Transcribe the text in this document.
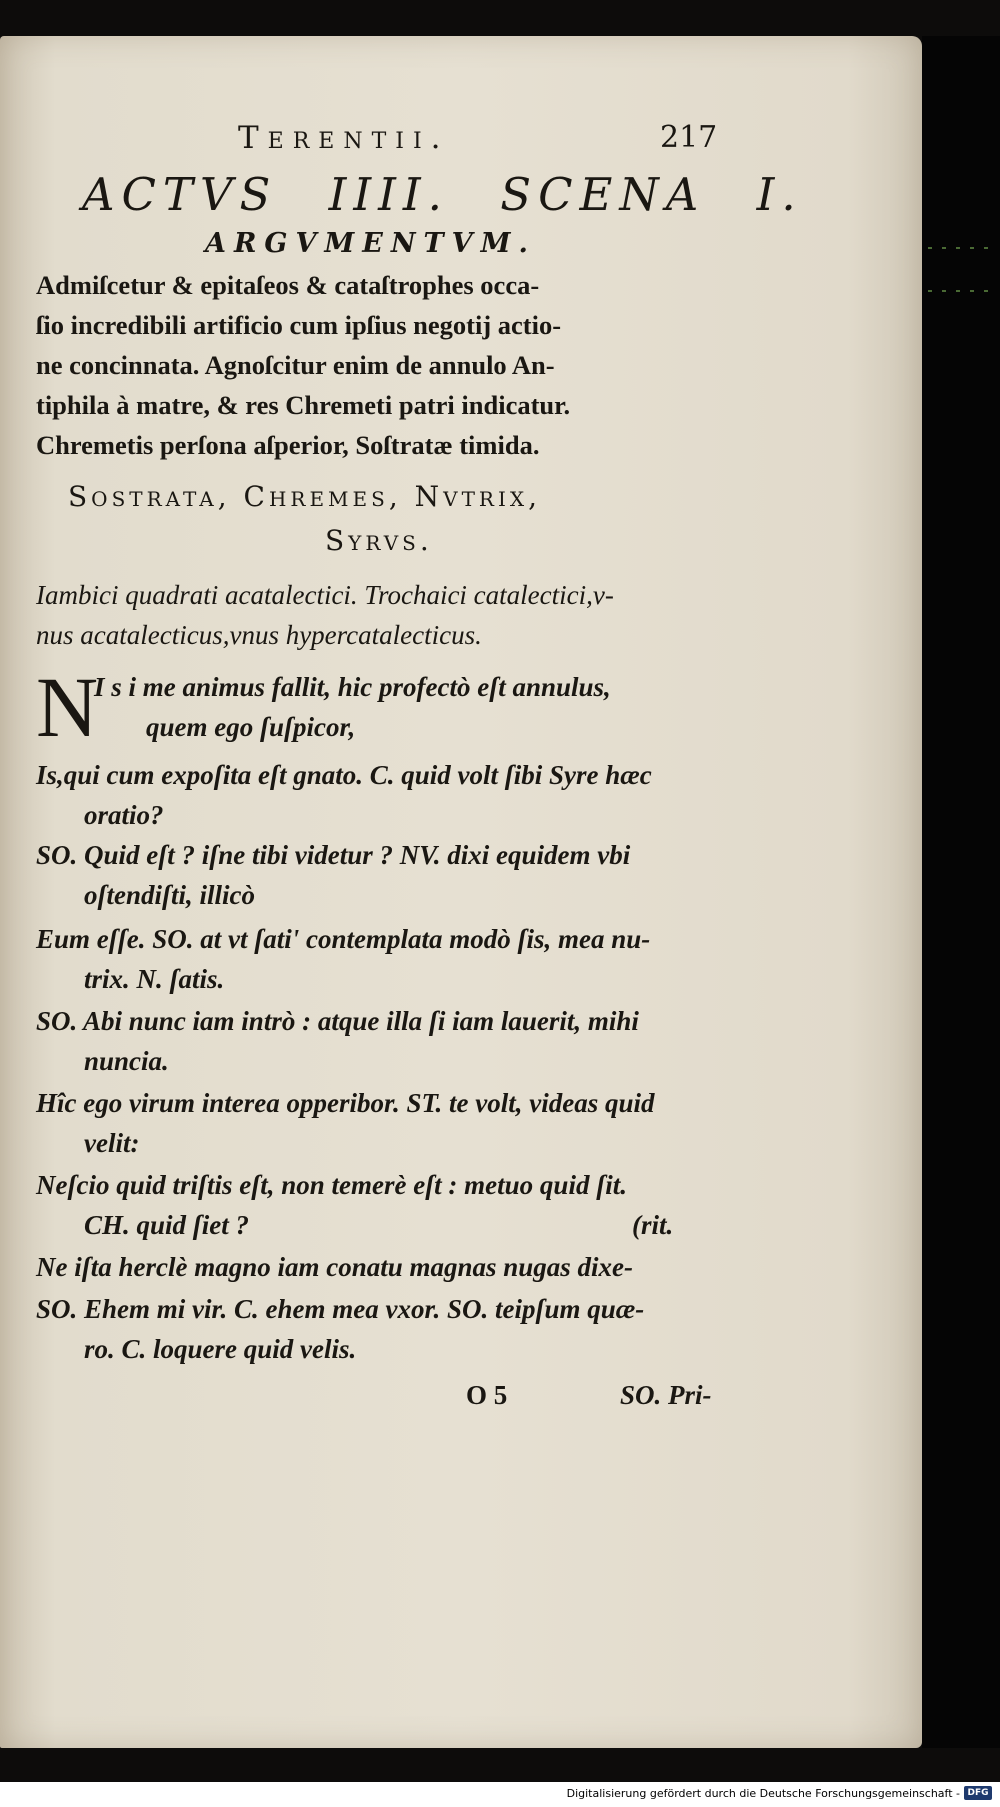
Terentii.	217
ACTVS IIII. SCENA I.
ARGVMENTVM.
Admiſcetur & epitaſeos & cataſtrophes occa-
ſio incredibili artificio cum ipſius negotij actio-
ne concinnata. Agnoſcitur enim de annulo An-
tiphila à matre, & res Chremeti patri indicatur.
Chremetis perſona aſperior, Soſtratæ timida.
Sostrata, Chremes, Nvtrix,
Syrvs.
Iambici quadrati acatalectici. Trochaici catalectici,v-
nus acatalecticus,vnus hypercatalecticus.
N
I s i me animus fallit, hic profectò eſt annulus,
quem ego ſuſpicor,
Is,qui cum expoſita eſt gnato. C. quid volt ſibi Syre hæc
oratio?
SO. Quid eſt ? iſne tibi videtur ? NV. dixi equidem vbi
oſtendiſti, illicò
Eum eſſe. SO. at vt ſati' contemplata modò ſis, mea nu-
trix. N. ſatis.
SO. Abi nunc iam intrò : atque illa ſi iam lauerit, mihi
nuncia.
Hîc ego virum interea opperibor. ST. te volt, videas quid
velit:
Neſcio quid triſtis eſt, non temerè eſt : metuo quid ſit.
CH. quid ſiet ?	(rit.
Ne iſta herclè magno iam conatu magnas nugas dixe-
SO. Ehem mi vir. C. ehem mea vxor. SO. teipſum quæ-
ro. C. loquere quid velis.
O 5	SO. Pri-
Digitalisierung gefördert durch die Deutsche Forschungsgemeinschaft - DFG
